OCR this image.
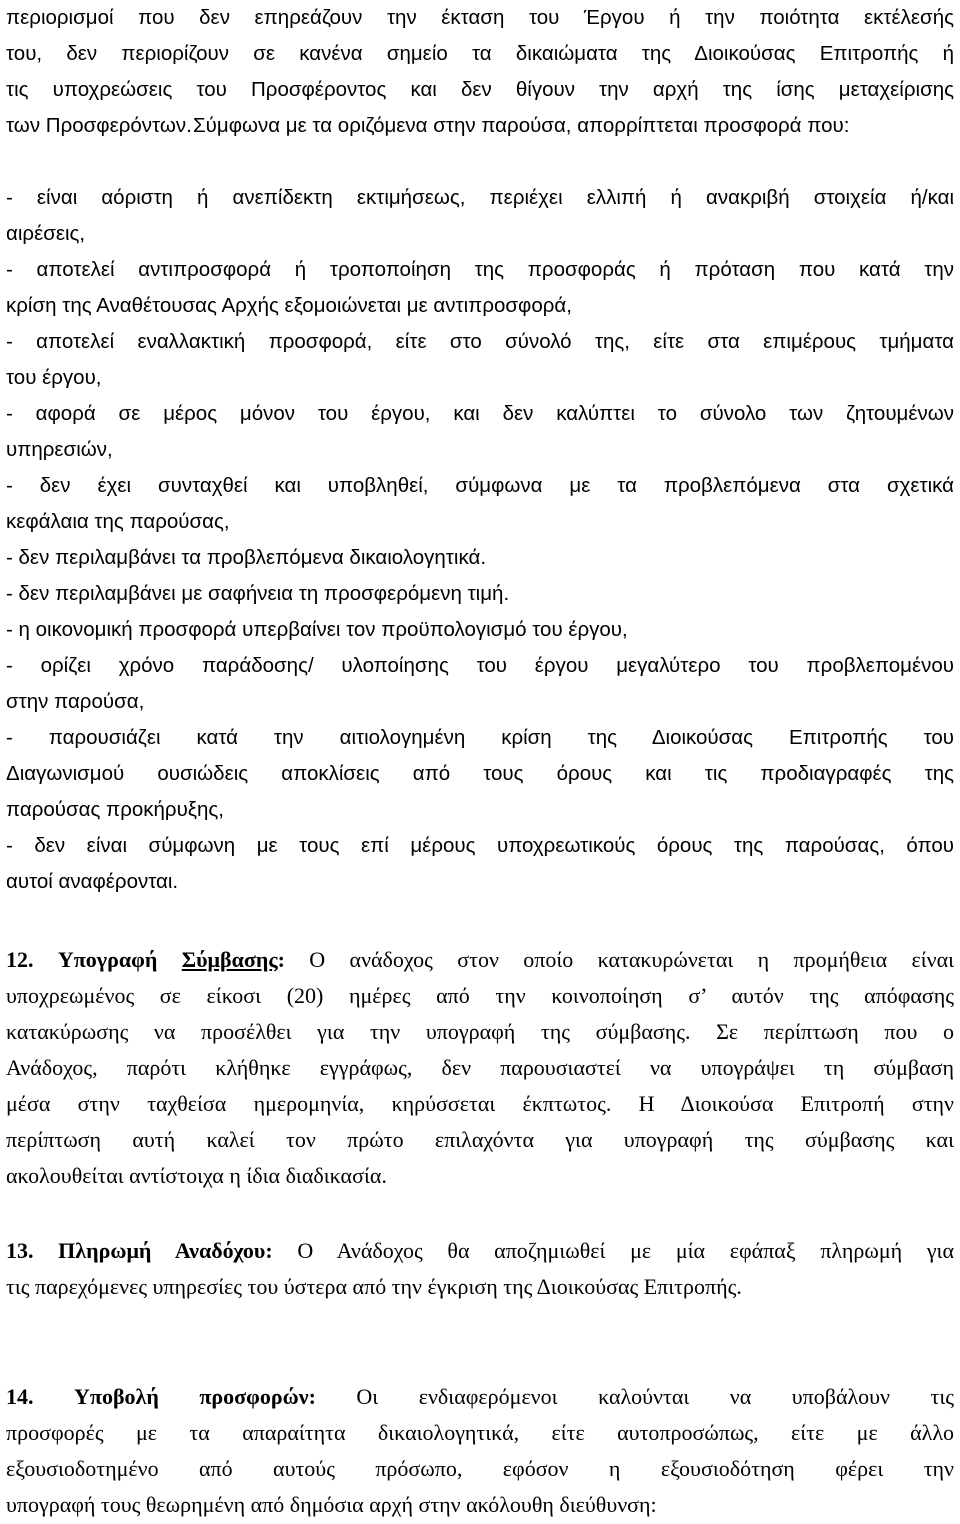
περιορισμοί που δεν επηρεάζουν την έκταση του Έργου ή την ποιότητα εκτέλεσής
του, δεν περιορίζουν σε κανένα σημείο τα δικαιώματα της Διοικούσας Επιτροπής ή
τις υποχρεώσεις του Προσφέροντος και δεν θίγουν την αρχή της ίσης μεταχείρισης
των Προσφερόντων. Σύμφωνα με τα οριζόμενα στην παρούσα, απορρίπτεται προσφορά που:
- είναι αόριστη ή ανεπίδεκτη εκτιμήσεως, περιέχει ελλιπή ή ανακριβή στοιχεία ή/και
αιρέσεις,
- αποτελεί αντιπροσφορά ή τροποποίηση της προσφοράς ή πρόταση που κατά την
κρίση της Αναθέτουσας Αρχής εξομοιώνεται με αντιπροσφορά,
- αποτελεί εναλλακτική προσφορά, είτε στο σύνολό της, είτε στα επιμέρους τμήματα
του έργου,
- αφορά σε μέρος μόνον του έργου, και δεν καλύπτει το σύνολο των ζητουμένων
υπηρεσιών,
- δεν έχει συνταχθεί και υποβληθεί, σύμφωνα με τα προβλεπόμενα στα σχετικά
κεφάλαια της παρούσας,
- δεν περιλαμβάνει τα προβλεπόμενα δικαιολογητικά.
- δεν περιλαμβάνει με σαφήνεια τη προσφερόμενη τιμή.
- η οικονομική προσφορά υπερβαίνει τον προϋπολογισμό του έργου,
- ορίζει χρόνο παράδοσης/ υλοποίησης του έργου μεγαλύτερο του προβλεπομένου
στην παρούσα,
- παρουσιάζει κατά την αιτιολογημένη κρίση της Διοικούσας Επιτροπής του
Διαγωνισμού ουσιώδεις αποκλίσεις από τους όρους και τις προδιαγραφές της
παρούσας προκήρυξης,
- δεν είναι σύμφωνη με τους επί μέρους υποχρεωτικούς όρους της παρούσας, όπου
αυτοί αναφέρονται.
12. Υπογραφή Σύμβασης: Ο ανάδοχος στον οποίο κατακυρώνεται η προμήθεια είναι
υποχρεωμένος σε είκοσι (20) ημέρες από την κοινοποίηση σ’ αυτόν της απόφασης
κατακύρωσης να προσέλθει για την υπογραφή της σύμβασης. Σε περίπτωση που ο
Ανάδοχος, παρότι κλήθηκε εγγράφως, δεν παρουσιαστεί να υπογράψει τη σύμβαση
μέσα στην ταχθείσα ημερομηνία, κηρύσσεται έκπτωτος. Η Διοικούσα Επιτροπή στην
περίπτωση αυτή καλεί τον πρώτο επιλαχόντα για υπογραφή της σύμβασης και
ακολουθείται αντίστοιχα η ίδια διαδικασία.
13. Πληρωμή Αναδόχου: Ο Ανάδοχος θα αποζημιωθεί με μία εφάπαξ πληρωμή για
τις παρεχόμενες υπηρεσίες του ύστερα από την έγκριση της Διοικούσας Επιτροπής.
14. Υποβολή προσφορών: Οι ενδιαφερόμενοι καλούνται να υποβάλουν τις
προσφορές με τα απαραίτητα δικαιολογητικά, είτε αυτοπροσώπως, είτε με άλλο
εξουσιοδοτημένο από αυτούς πρόσωπο, εφόσον η εξουσιοδότηση φέρει την
υπογραφή τους θεωρημένη από δημόσια αρχή στην ακόλουθη διεύθυνση:
